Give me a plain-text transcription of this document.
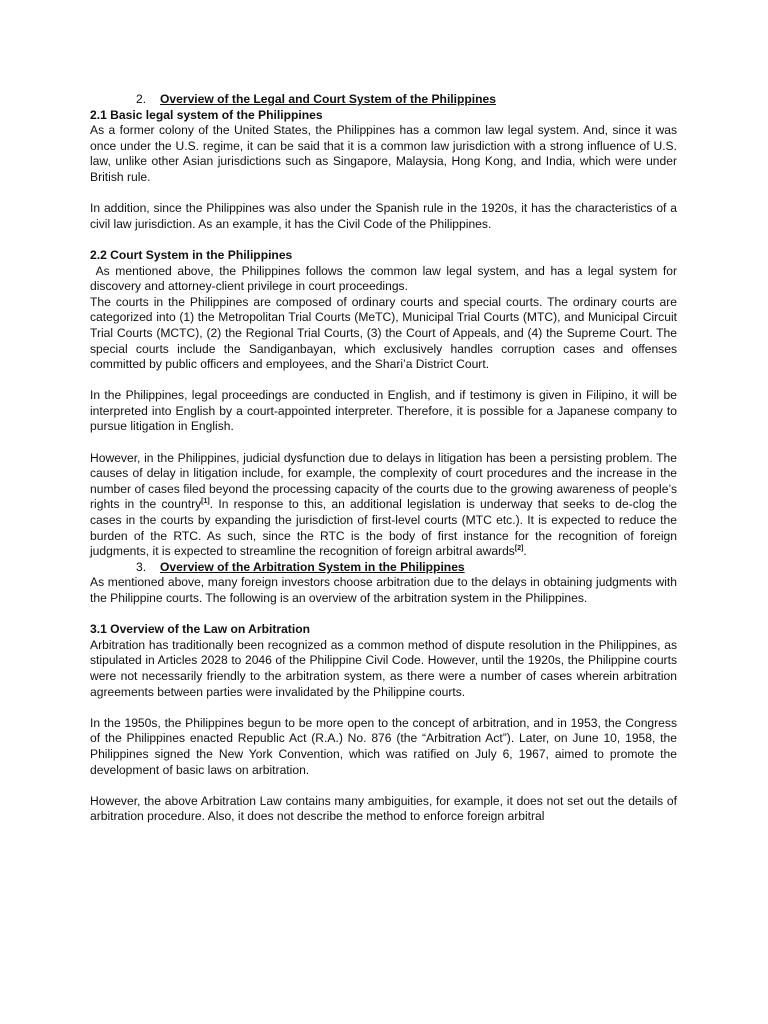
2. Overview of the Legal and Court System of the Philippines
2.1 Basic legal system of the Philippines

As a former colony of the United States, the Philippines has a common law legal system. And, since it was once under the U.S. regime, it can be said that it is a common law jurisdiction with a strong influence of U.S. law, unlike other Asian jurisdictions such as Singapore, Malaysia, Hong Kong, and India, which were under British rule.

In addition, since the Philippines was also under the Spanish rule in the 1920s, it has the characteristics of a civil law jurisdiction. As an example, it has the Civil Code of the Philippines.

2.2 Court System in the Philippines

As mentioned above, the Philippines follows the common law legal system, and has a legal system for discovery and attorney-client privilege in court proceedings.

The courts in the Philippines are composed of ordinary courts and special courts. The ordinary courts are categorized into (1) the Metropolitan Trial Courts (MeTC), Municipal Trial Courts (MTC), and Municipal Circuit Trial Courts (MCTC), (2) the Regional Trial Courts, (3) the Court of Appeals, and (4) the Supreme Court. The special courts include the Sandiganbayan, which exclusively handles corruption cases and offenses committed by public officers and employees, and the Shari’a District Court.

In the Philippines, legal proceedings are conducted in English, and if testimony is given in Filipino, it will be interpreted into English by a court-appointed interpreter. Therefore, it is possible for a Japanese company to pursue litigation in English.

However, in the Philippines, judicial dysfunction due to delays in litigation has been a persisting problem. The causes of delay in litigation include, for example, the complexity of court procedures and the increase in the number of cases filed beyond the processing capacity of the courts due to the growing awareness of people’s rights in the country[1]. In response to this, an additional legislation is underway that seeks to de-clog the cases in the courts by expanding the jurisdiction of first-level courts (MTC etc.). It is expected to reduce the burden of the RTC. As such, since the RTC is the body of first instance for the recognition of foreign judgments, it is expected to streamline the recognition of foreign arbitral awards[2].

3. Overview of the Arbitration System in the Philippines

As mentioned above, many foreign investors choose arbitration due to the delays in obtaining judgments with the Philippine courts. The following is an overview of the arbitration system in the Philippines.

3.1 Overview of the Law on Arbitration

Arbitration has traditionally been recognized as a common method of dispute resolution in the Philippines, as stipulated in Articles 2028 to 2046 of the Philippine Civil Code. However, until the 1920s, the Philippine courts were not necessarily friendly to the arbitration system, as there were a number of cases wherein arbitration agreements between parties were invalidated by the Philippine courts.

In the 1950s, the Philippines begun to be more open to the concept of arbitration, and in 1953, the Congress of the Philippines enacted Republic Act (R.A.) No. 876 (the “Arbitration Act”). Later, on June 10, 1958, the Philippines signed the New York Convention, which was ratified on July 6, 1967, aimed to promote the development of basic laws on arbitration.

However, the above Arbitration Law contains many ambiguities, for example, it does not set out the details of arbitration procedure. Also, it does not describe the method to enforce foreign arbitral
